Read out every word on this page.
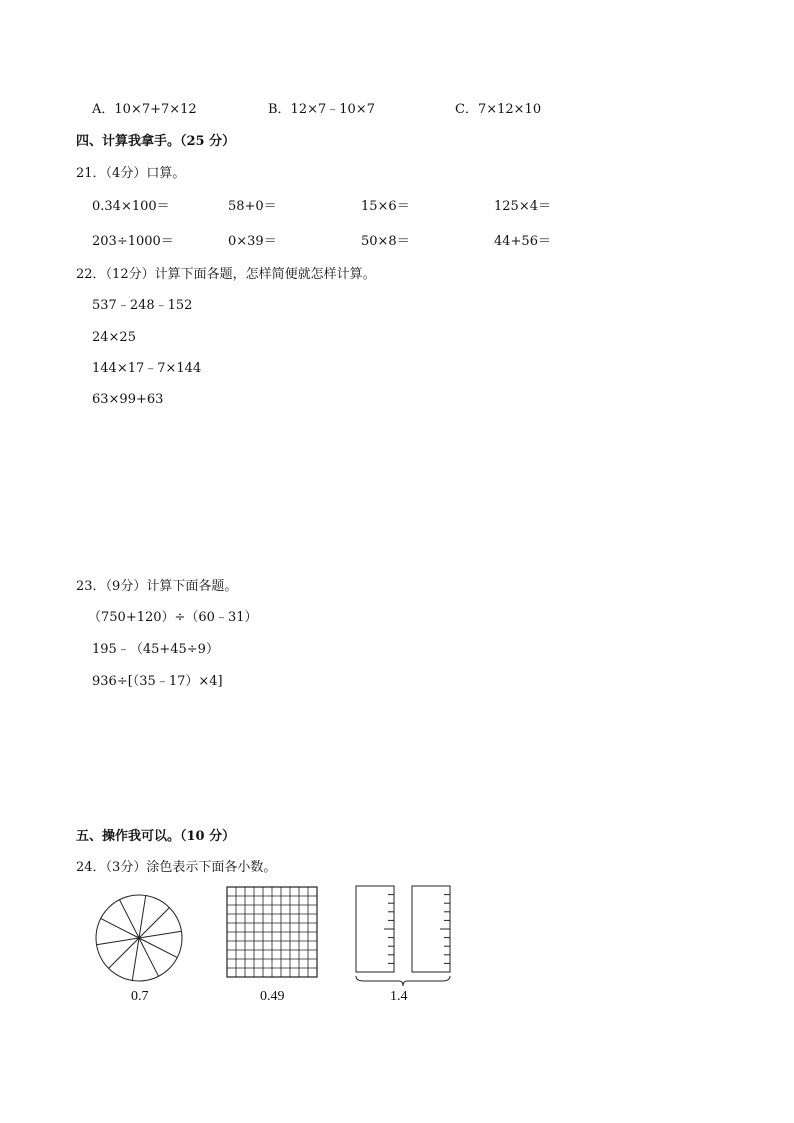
A．10×7+7×12	B．12×7﹣10×7	C．7×12×10
四、计算我拿手。（25 分）
21．（4分）口算。
0.34×100＝	58+0＝	15×6＝	125×4＝
203÷1000＝	0×39＝	50×8＝	44+56＝
22．（12分）计算下面各题，怎样简便就怎样计算。
537﹣248﹣152
24×25
144×17﹣7×144
63×99+63
23．（9分）计算下面各题。
（750+120）÷（60﹣31）
195﹣（45+45÷9）
936÷[（35﹣17）×4]
五、操作我可以。（10 分）
24．（3分）涂色表示下面各小数。
0.7	0.49	1.4
